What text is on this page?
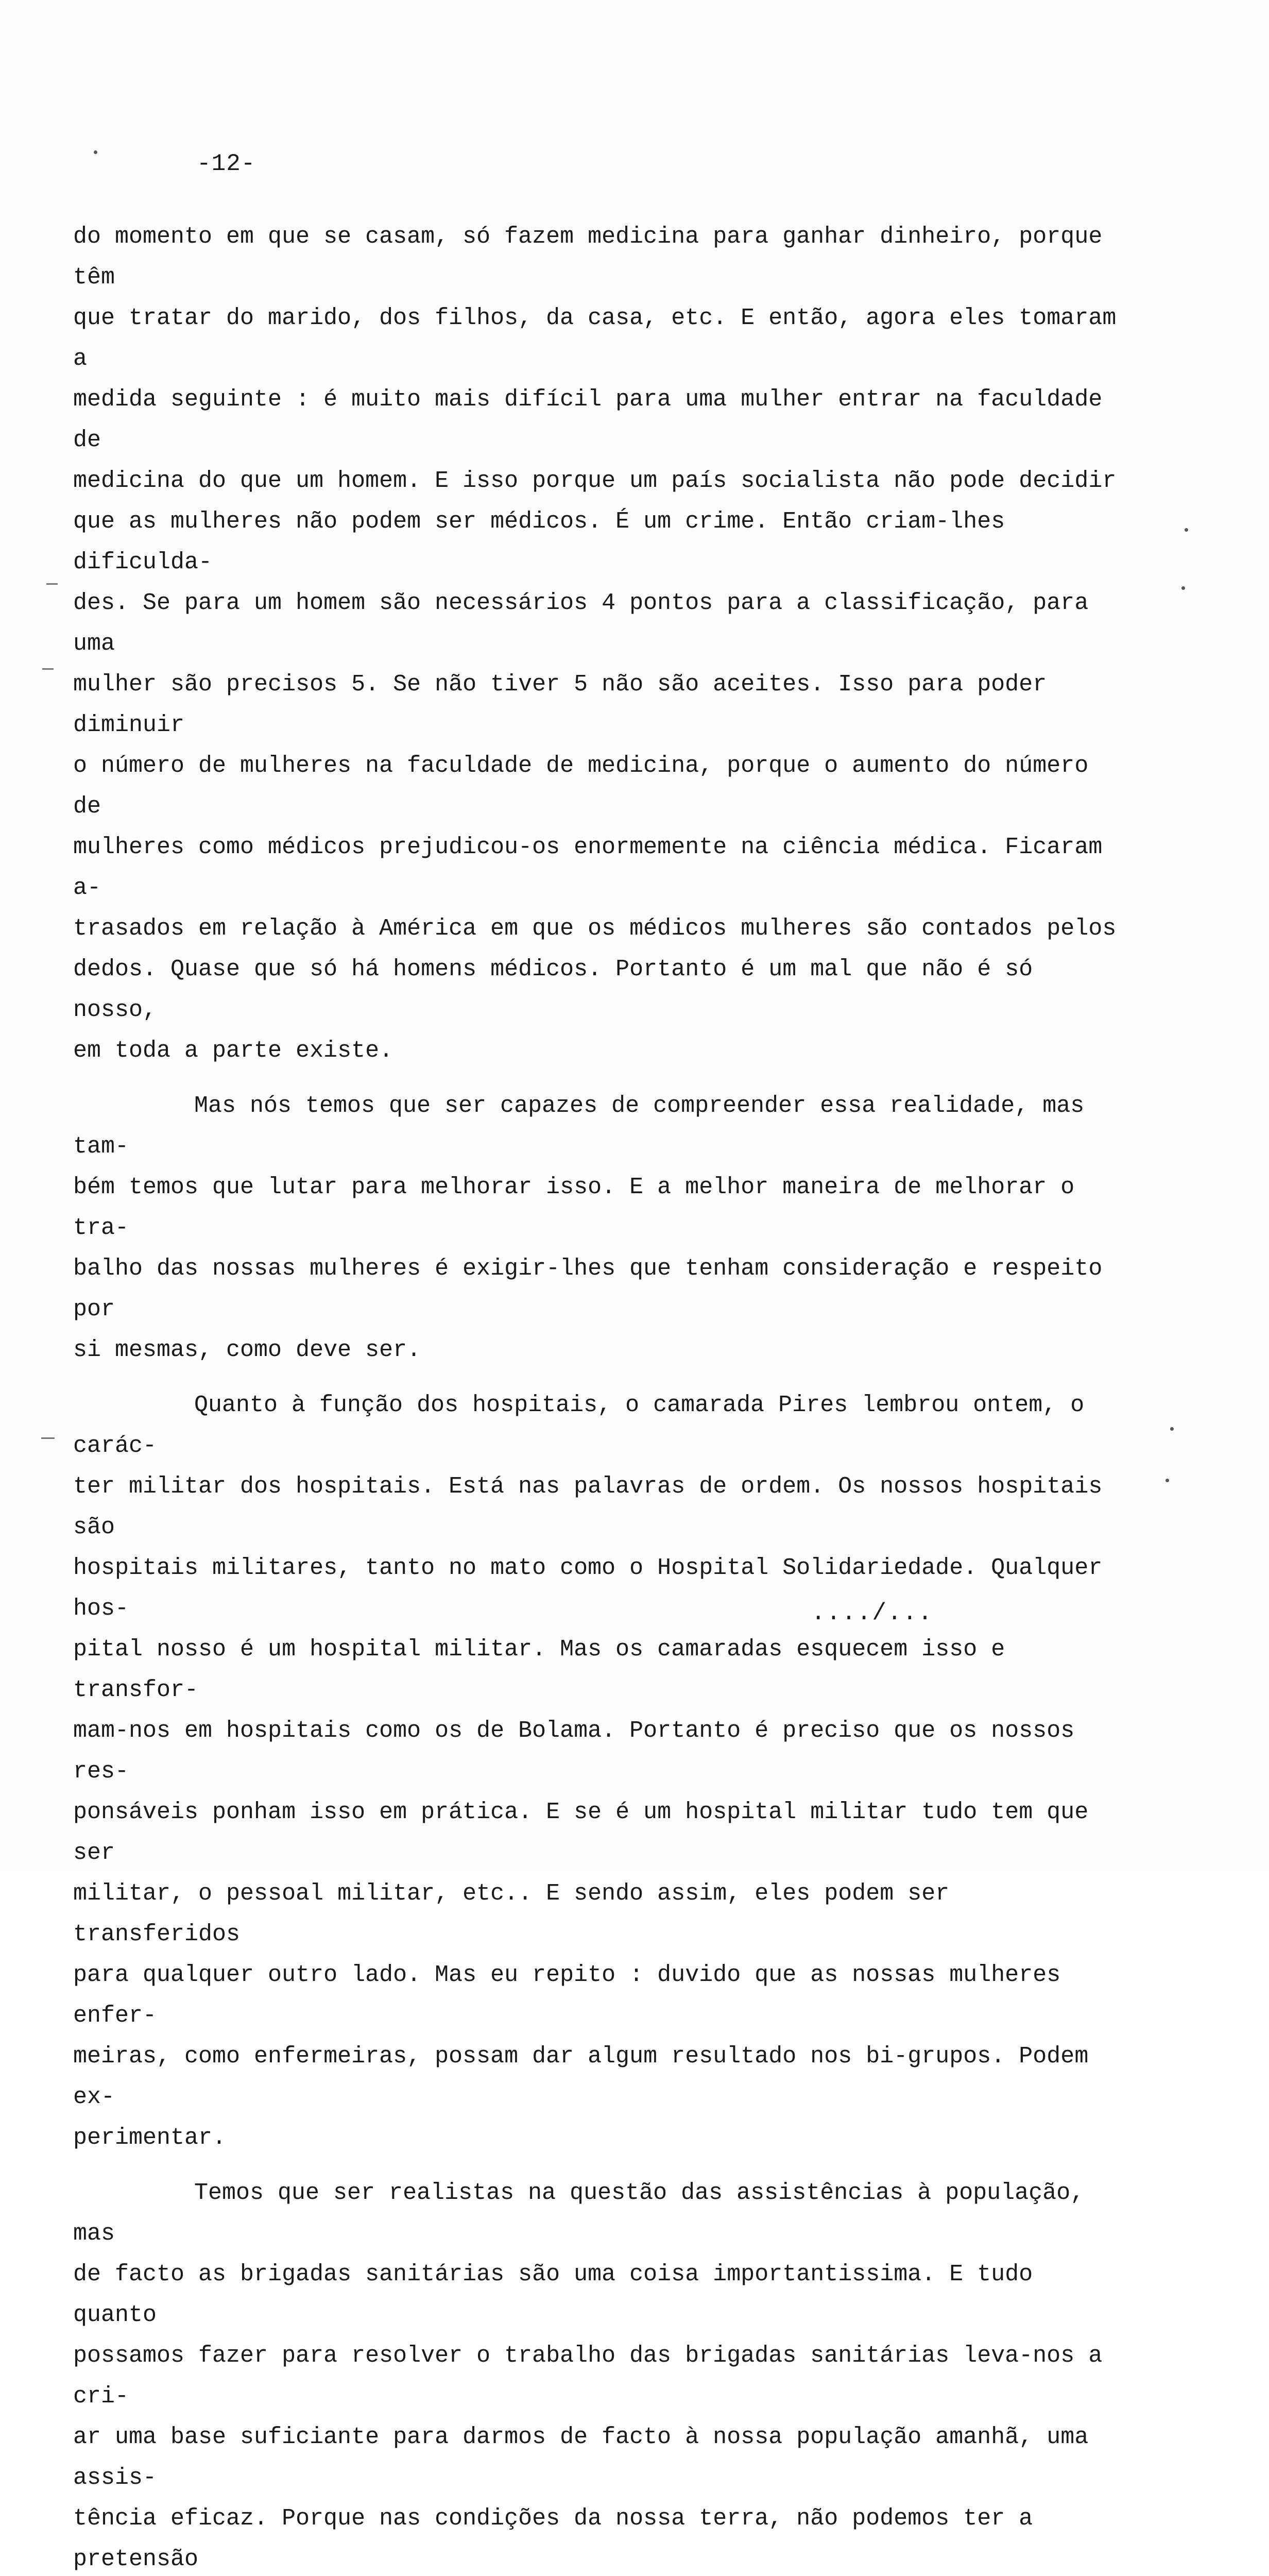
-12-

do momento em que se casam, só fazem medicina para ganhar dinheiro, porque têm
que tratar do marido, dos filhos, da casa, etc. E então, agora eles tomaram a
medida seguinte : é muito mais difícil para uma mulher entrar na faculdade de
medicina do que um homem. E isso porque um país socialista não pode decidir
que as mulheres não podem ser médicos. É um crime. Então criam-lhes dificulda-
des. Se para um homem são necessários 4 pontos para a classificação, para uma
mulher são precisos 5. Se não tiver 5 não são aceites. Isso para poder diminuir
o número de mulheres na faculdade de medicina, porque o aumento do número de
mulheres como médicos prejudicou-os enormemente na ciência médica. Ficaram a-
trasados em relação à América em que os médicos mulheres são contados pelos
dedos. Quase que só há homens médicos. Portanto é um mal que não é só nosso,
em toda a parte existe.

Mas nós temos que ser capazes de compreender essa realidade, mas tam-
bém temos que lutar para melhorar isso. E a melhor maneira de melhorar o tra-
balho das nossas mulheres é exigir-lhes que tenham consideração e respeito por
si mesmas, como deve ser.

Quanto à função dos hospitais, o camarada Pires lembrou ontem, o carác-
ter militar dos hospitais. Está nas palavras de ordem. Os nossos hospitais são
hospitais militares, tanto no mato como o Hospital Solidariedade. Qualquer hos-
pital nosso é um hospital militar. Mas os camaradas esquecem isso e transfor-
mam-nos em hospitais como os de Bolama. Portanto é preciso que os nossos res-
ponsáveis ponham isso em prática. E se é um hospital militar tudo tem que ser
militar, o pessoal militar, etc.. E sendo assim, eles podem ser transferidos
para qualquer outro lado. Mas eu repito : duvido que as nossas mulheres enfer-
meiras, como enfermeiras, possam dar algum resultado nos bi-grupos. Podem ex-
perimentar.

Temos que ser realistas na questão das assistências à população, mas
de facto as brigadas sanitárias são uma coisa importantissima. E tudo quanto
possamos fazer para resolver o trabalho das brigadas sanitárias leva-nos a cri-
ar uma base suficiante para darmos de facto à nossa população amanhã, uma assis-
tência eficaz. Porque nas condições da nossa terra, não podemos ter a pretensão

..../...
